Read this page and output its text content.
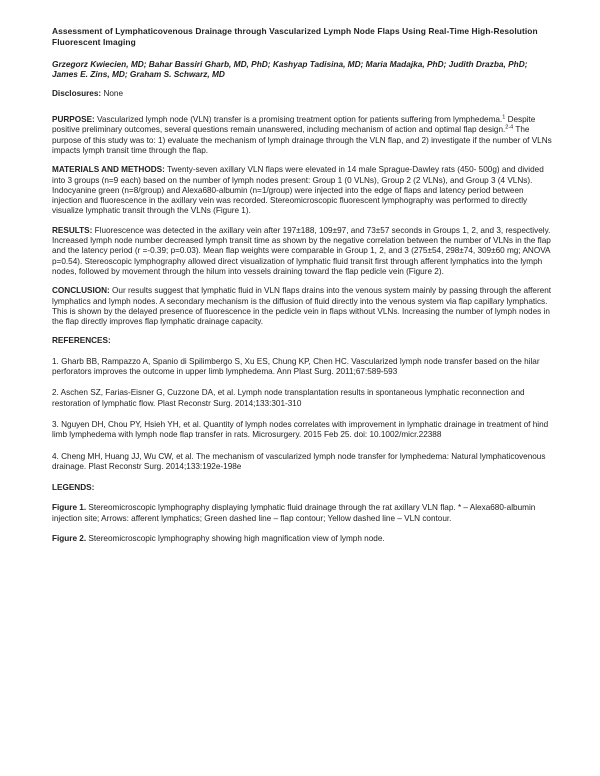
Assessment of Lymphaticovenous Drainage through Vascularized Lymph Node Flaps Using Real-Time High-Resolution Fluorescent Imaging
Grzegorz Kwiecien, MD; Bahar Bassiri Gharb, MD, PhD; Kashyap Tadisina, MD; Maria Madajka, PhD; Judith Drazba, PhD; James E. Zins, MD; Graham S. Schwarz, MD
Disclosures: None

PURPOSE: Vascularized lymph node (VLN) transfer is a promising treatment option for patients suffering from lymphedema.$^1$ Despite positive preliminary outcomes, several questions remain unanswered, including mechanism of action and optimal flap design.$^{2-4}$ The purpose of this study was to: 1) evaluate the mechanism of lymph drainage through the VLN flap, and 2) investigate if the number of VLNs impacts lymph transit time through the flap.

MATERIALS AND METHODS: Twenty-seven axillary VLN flaps were elevated in 14 male Sprague-Dawley rats (450- 500g) and divided into 3 groups (n=9 each) based on the number of lymph nodes present: Group 1 (0 VLNs), Group 2 (2 VLNs), and Group 3 (4 VLNs). Indocyanine green (n=8/group) and Alexa680-albumin (n=1/group) were injected into the edge of flaps and latency period between injection and fluorescence in the axillary vein was recorded. Stereomicroscopic fluorescent lymphography was performed to directly visualize lymphatic transit through the VLNs (Figure 1).

RESULTS: Fluorescence was detected in the axillary vein after 197±188, 109±97, and 73±57 seconds in Groups 1, 2, and 3, respectively. Increased lymph node number decreased lymph transit time as shown by the negative correlation between the number of VLNs in the flap and the latency period (r =-0.39; p=0.03). Mean flap weights were comparable in Group 1, 2, and 3 (275±54, 298±74, 309±60 mg; ANOVA p=0.54). Stereoscopic lymphography allowed direct visualization of lymphatic fluid transit first through afferent lymphatics into the lymph nodes, followed by movement through the hilum into vessels draining toward the flap pedicle vein (Figure 2).

CONCLUSION: Our results suggest that lymphatic fluid in VLN flaps drains into the venous system mainly by passing through the afferent lymphatics and lymph nodes. A secondary mechanism is the diffusion of fluid directly into the venous system via flap capillary lymphatics. This is shown by the delayed presence of fluorescence in the pedicle vein in flaps without VLNs. Increasing the number of lymph nodes in the flap directly improves flap lymphatic drainage capacity.

REFERENCES:
1. Gharb BB, Rampazzo A, Spanio di Spilimbergo S, Xu ES, Chung KP, Chen HC. Vascularized lymph node transfer based on the hilar perforators improves the outcome in upper limb lymphedema. Ann Plast Surg. 2011;67:589-593
2. Aschen SZ, Farias-Eisner G, Cuzzone DA, et al. Lymph node transplantation results in spontaneous lymphatic reconnection and restoration of lymphatic flow. Plast Reconstr Surg. 2014;133:301-310
3. Nguyen DH, Chou PY, Hsieh YH, et al. Quantity of lymph nodes correlates with improvement in lymphatic drainage in treatment of hind limb lymphedema with lymph node flap transfer in rats. Microsurgery. 2015 Feb 25. doi: 10.1002/micr.22388
4. Cheng MH, Huang JJ, Wu CW, et al. The mechanism of vascularized lymph node transfer for lymphedema: Natural lymphaticovenous drainage. Plast Reconstr Surg. 2014;133:192e-198e
LEGENDS:
Figure 1. Stereomicroscopic lymphography displaying lymphatic fluid drainage through the rat axillary VLN flap. * – Alexa680-albumin injection site; Arrows: afferent lymphatics; Green dashed line – flap contour; Yellow dashed line – VLN contour.
Figure 2. Stereomicroscopic lymphography showing high magnification view of lymph node.
